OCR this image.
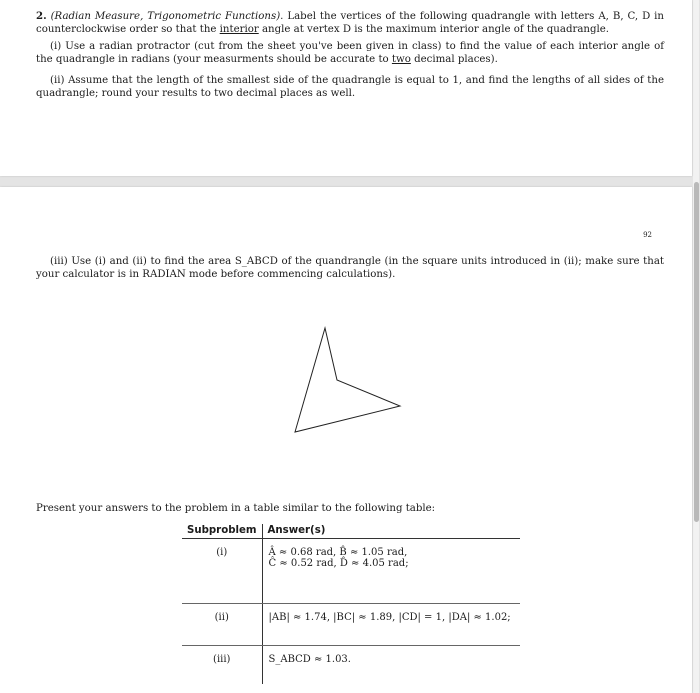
2. (Radian Measure, Trigonometric Functions). Label the vertices of the following quadrangle with letters A, B, C, D in counterclockwise order so that the interior angle at vertex D is the maximum interior angle of the quadrangle.
(i) Use a radian protractor (cut from the sheet you've been given in class) to find the value of each interior angle of the quadrangle in radians (your measurments should be accurate to two decimal places).
(ii) Assume that the length of the smallest side of the quadrangle is equal to 1, and find the lengths of all sides of the quadrangle; round your results to two decimal places as well.
92
(iii) Use (i) and (ii) to find the area S_ABCD of the quandrangle (in the square units introduced in (ii); make sure that your calculator is in RADIAN mode before commencing calculations).
Present your answers to the problem in a table similar to the following table:
Subproblem	Answer(s)
(i)	Â ≈ 0.68 rad, B̂ ≈ 1.05 rad,
Ĉ ≈ 0.52 rad, D̂ ≈ 4.05 rad;

(ii)	|AB| ≈ 1.74, |BC| ≈ 1.89, |CD| = 1, |DA| ≈ 1.02;
(iii)	S_ABCD ≈ 1.03.
